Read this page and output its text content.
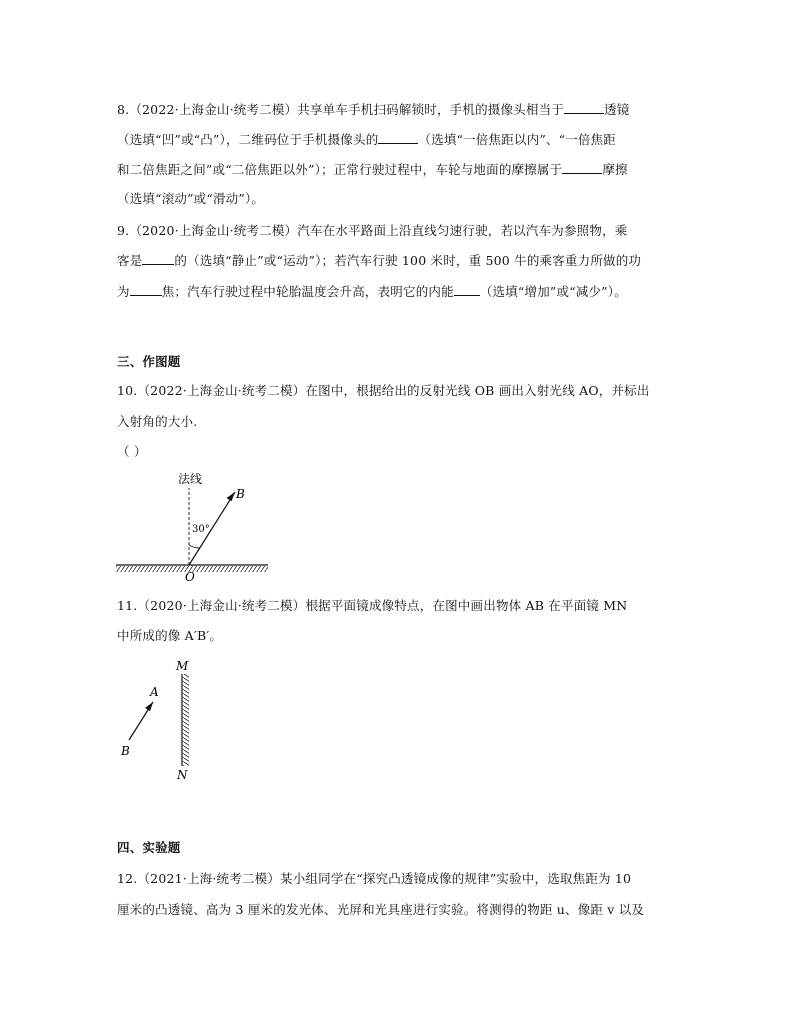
8.（2022·上海金山·统考二模）共享单车手机扫码解锁时，手机的摄像头相当于	透镜
（选填“凹”或“凸”），二维码位于手机摄像头的	（选填“一倍焦距以内”、“一倍焦距
和二倍焦距之间”或“二倍焦距以外”）；正常行驶过程中，车轮与地面的摩擦属于	摩擦
（选填“滚动”或“滑动”）。
9.（2020·上海金山·统考二模）汽车在水平路面上沿直线匀速行驶，若以汽车为参照物，乘
客是	的（选填“静止”或“运动”）；若汽车行驶 100 米时，重 500 牛的乘客重力所做的功
为	焦；汽车行驶过程中轮胎温度会升高，表明它的内能 （选填“增加”或“减少”）。
三、作图题
10.（2022·上海金山·统考二模）在图中，根据给出的反射光线 OB 画出入射光线 AO，并标出
入射角的大小.
（ ）
法线
B
O
30°
11.（2020·上海金山·统考二模）根据平面镜成像特点，在图中画出物体 AB 在平面镜 MN
中所成的像 A′B′。
M
N
A
B
四、实验题
12.（2021·上海·统考二模）某小组同学在“探究凸透镜成像的规律”实验中，选取焦距为 10
厘米的凸透镜、高为 3 厘米的发光体、光屏和光具座进行实验。将测得的物距 u、像距 v 以及
